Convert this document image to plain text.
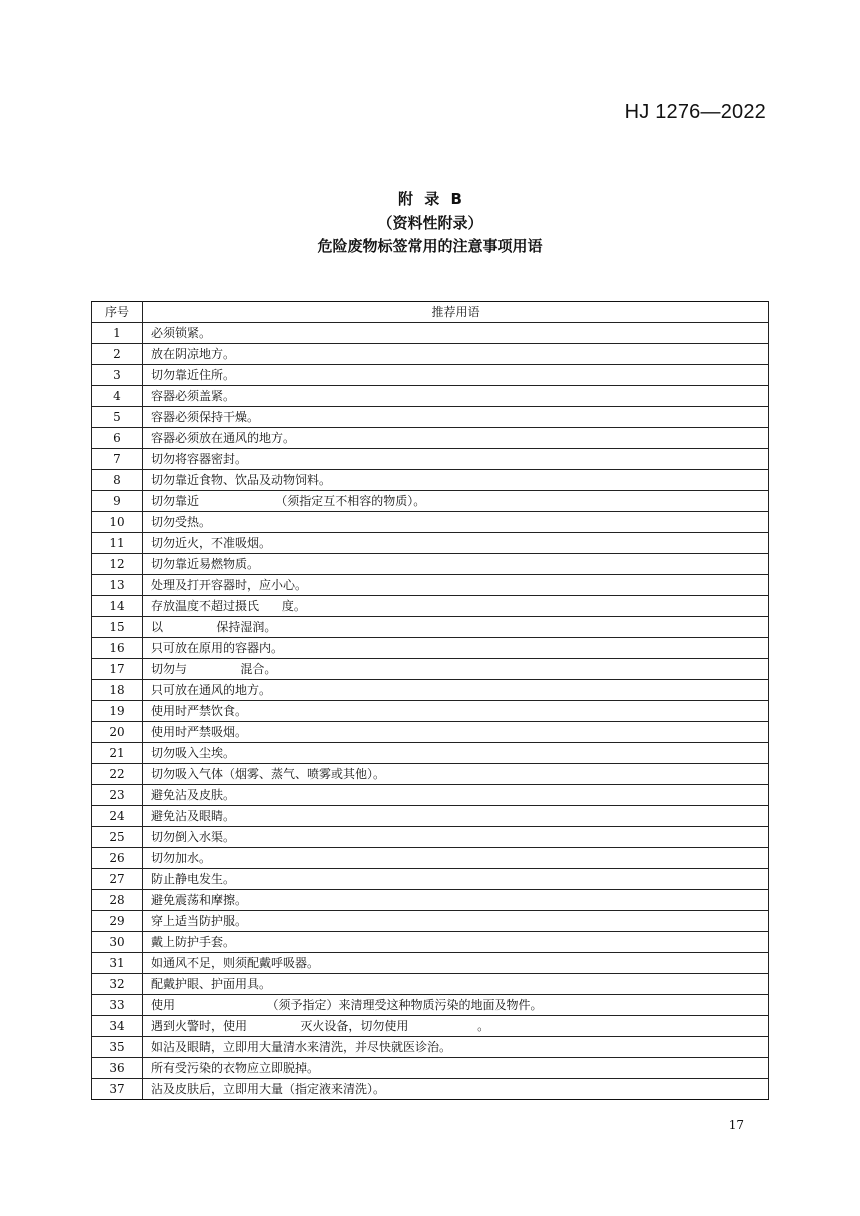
HJ 1276—2022
附 录 B
（资料性附录）
危险废物标签常用的注意事项用语
序号	推荐用语
1	必须锁紧。
2	放在阴凉地方。
3	切勿靠近住所。
4	容器必须盖紧。
5	容器必须保持干燥。
6	容器必须放在通风的地方。
7	切勿将容器密封。
8	切勿靠近食物、饮品及动物饲料。
9	切勿靠近                    （须指定互不相容的物质）。
10	切勿受热。
11	切勿近火，不准吸烟。
12	切勿靠近易燃物质。
13	处理及打开容器时，应小心。
14	存放温度不超过摄氏      度。
15	以              保持湿润。
16	只可放在原用的容器内。
17	切勿与              混合。
18	只可放在通风的地方。
19	使用时严禁饮食。
20	使用时严禁吸烟。
21	切勿吸入尘埃。
22	切勿吸入气体（烟雾、蒸气、喷雾或其他）。
23	避免沾及皮肤。
24	避免沾及眼睛。
25	切勿倒入水渠。
26	切勿加水。
27	防止静电发生。
28	避免震荡和摩擦。
29	穿上适当防护服。
30	戴上防护手套。
31	如通风不足，则须配戴呼吸器。
32	配戴护眼、护面用具。
33	使用                        （须予指定）来清理受这种物质污染的地面及物件。
34	遇到火警时，使用              灭火设备，切勿使用                  。
35	如沾及眼睛，立即用大量清水来清洗，并尽快就医诊治。
36	所有受污染的衣物应立即脱掉。
37	沾及皮肤后，立即用大量（指定液来清洗）。
17
